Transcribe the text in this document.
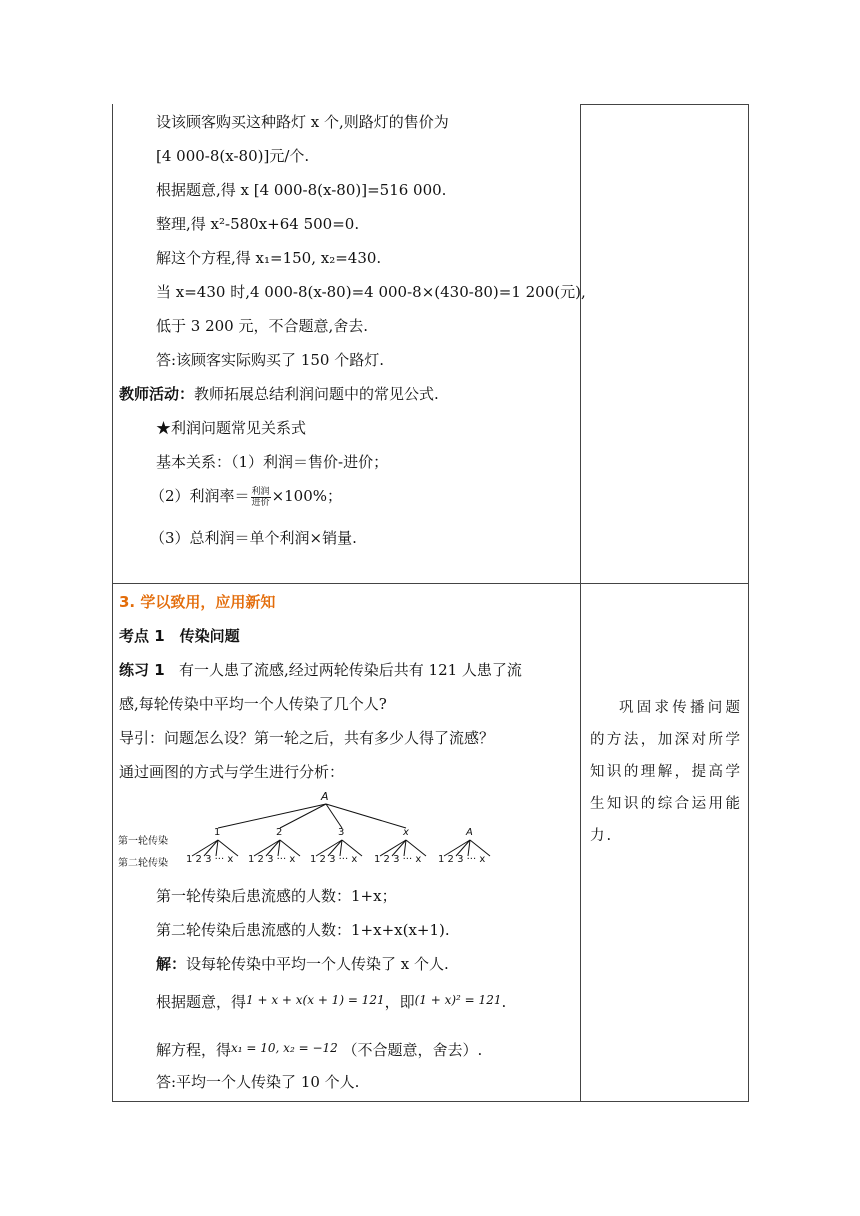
设该顾客购买这种路灯 x 个,则路灯的售价为
[4 000-8(x-80)]元/个.
根据题意,得 x [4 000-8(x-80)]=516 000.
整理,得 x²-580x+64 500=0.
解这个方程,得 x₁=150, x₂=430.
当 x=430 时,4 000-8(x-80)=4 000-8×(430-80)=1 200(元),
低于 3 200 元，不合题意,舍去.
答:该顾客实际购买了 150 个路灯.
教师活动：教师拓展总结利润问题中的常见公式.
★利润问题常见关系式
基本关系：（1）利润＝售价-进价；
（2）利润率＝ $\frac{\text{利润}}{\text{进价}} \times 100\%$；
（3）总利润＝单个利润×销量.
3. 学以致用，应用新知
考点 1　传染问题
练习 1 有一人患了流感,经过两轮传染后共有 121 人患了流
感,每轮传染中平均一个人传染了几个人?
导引：问题怎么设？第一轮之后，共有多少人得了流感？
通过画图的方式与学生进行分析：
A
1	2	3	x	A
第一轮传染
第二轮传染 1 2 3 ··· x 1 2 3 ··· x 1 2 3 ··· x 1 2 3 ··· x 1 2 3 ··· x
第一轮传染后患流感的人数：1+x；
第二轮传染后患流感的人数：1+x+x(x+1).
解：设每轮传染中平均一个人传染了 x 个人.
根据题意，得$^{1 + x + x(x + 1) = 121}$，即$^{(1 + x)^2 = 121}$.
解方程，得$^{x_1 = 10, x_2 = -12}$ （不合题意，舍去）.
答:平均一个人传染了 10 个人.
巩固求传播问题的方法，加深对所学知识的理解，提高学生知识的综合运用能力.
